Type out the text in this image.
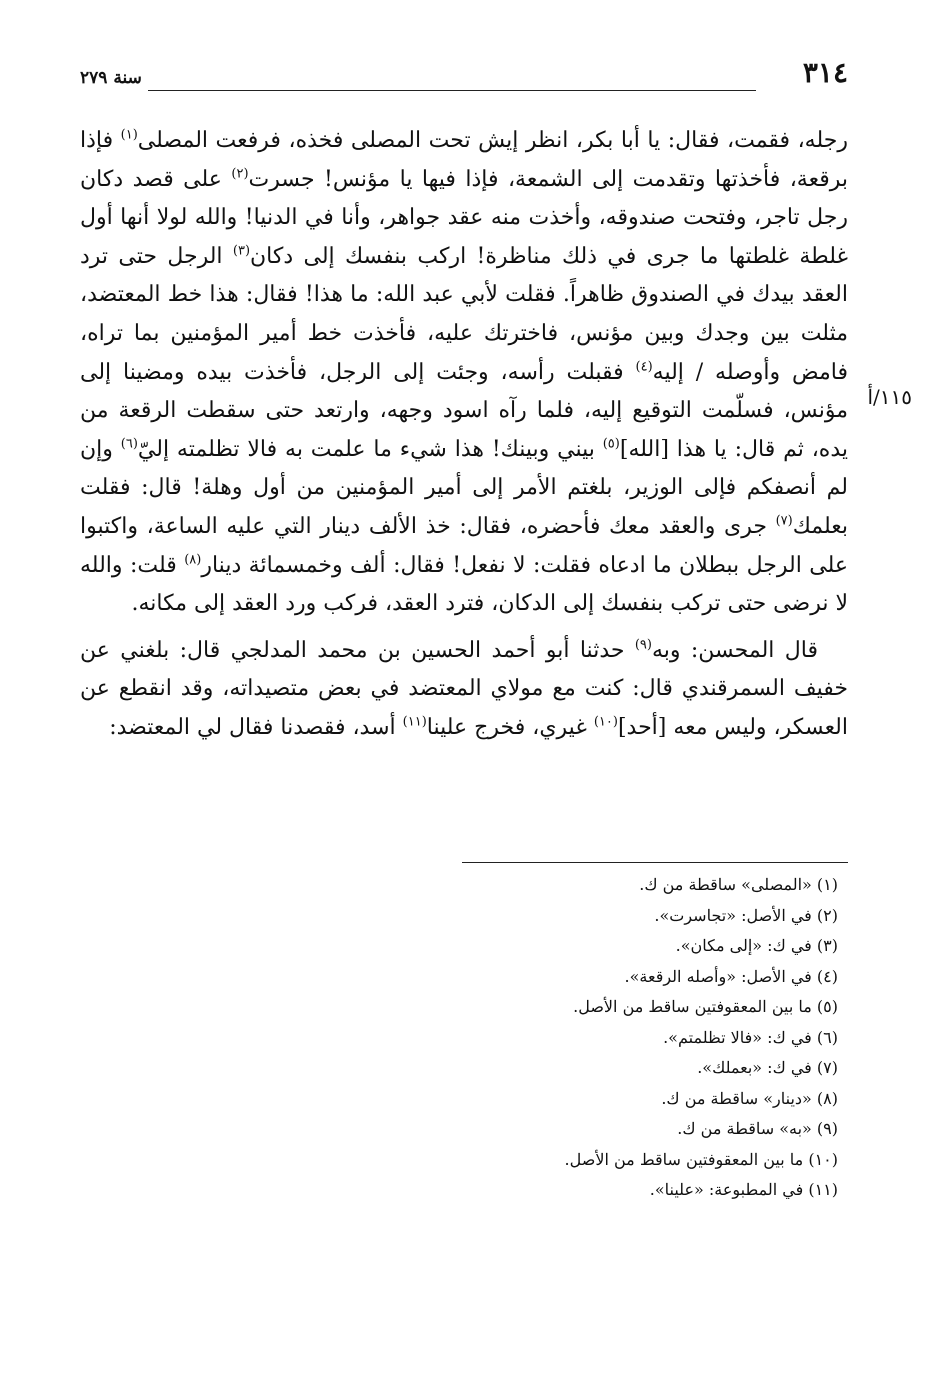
٣١٤
سنة ٢٧٩
١١٥/أ

رجله، فقمت، فقال: يا أبا بكر، انظر إيش تحت المصلى فخذه، فرفعت المصلى$^{(١)}$ فإذا برقعة، فأخذتها وتقدمت إلى الشمعة، فإذا فيها يا مؤنس! جسرت$^{(٢)}$ على قصد دكان رجل تاجر، وفتحت صندوقه، وأخذت منه عقد جواهر، وأنا في الدنيا! والله لولا أنها أول غلطة غلطتها ما جرى في ذلك مناظرة! اركب بنفسك إلى دكان$^{(٣)}$ الرجل حتى ترد العقد بيدك في الصندوق ظاهراً. فقلت لأبي عبد الله: ما هذا! فقال: هذا خط المعتضد، مثلت بين وجدك وبين مؤنس، فاخترتك عليه، فأخذت خط أمير المؤمنين بما تراه، فامض وأوصله / إليه$^{(٤)}$ فقبلت رأسه، وجئت إلى الرجل، فأخذت بيده ومضينا إلى مؤنس، فسلّمت التوقيع إليه، فلما رآه اسود وجهه، وارتعد حتى سقطت الرقعة من يده، ثم قال: يا هذا [الله]$^{(٥)}$ بيني وبينك! هذا شيء ما علمت به فالا تظلمته إليّ$^{(٦)}$ وإن لم أنصفكم فإلى الوزير، بلغتم الأمر إلى أمير المؤمنين من أول وهلة! قال: فقلت بعلمك$^{(٧)}$ جرى والعقد معك فأحضره، فقال: خذ الألف دينار التي عليه الساعة، واكتبوا على الرجل ببطلان ما ادعاه فقلت: لا نفعل! فقال: ألف وخمسمائة دينار$^{(٨)}$ قلت: والله لا نرضى حتى تركب بنفسك إلى الدكان، فترد العقد، فركب ورد العقد إلى مكانه.

قال المحسن: وبه$^{(٩)}$ حدثنا أبو أحمد الحسين بن محمد المدلجي قال: بلغني عن خفيف السمرقندي قال: كنت مع مولاي المعتضد في بعض متصيداته، وقد انقطع عن العسكر، وليس معه [أحد]$^{(١٠)}$ غيري، فخرج علينا$^{(١١)}$ أسد، فقصدنا فقال لي المعتضد:

(١) «المصلى» ساقطة من ك.
(٢) في الأصل: «تجاسرت».
(٣) في ك: «إلى مكان».
(٤) في الأصل: «وأصله الرقعة».
(٥) ما بين المعقوفتين ساقط من الأصل.
(٦) في ك: «فالا تظلمتم».
(٧) في ك: «بعملك».
(٨) «دينار» ساقطة من ك.
(٩) «به» ساقطة من ك.
(١٠) ما بين المعقوفتين ساقط من الأصل.
(١١) في المطبوعة: «علينا».
